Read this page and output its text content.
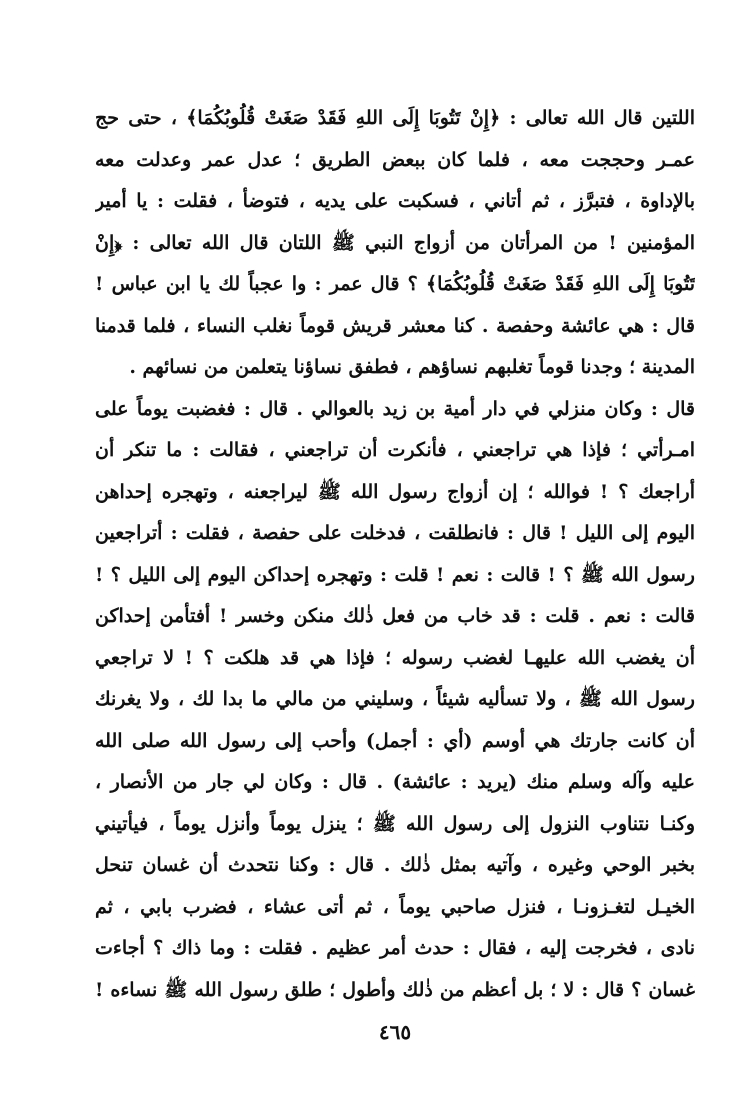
اللتين قال الله تعالى : ﴿إِنْ تَتُوبَا إِلَى اللهِ فَقَدْ صَغَتْ قُلُوبُكُمَا﴾ ، حتى حج
عمـر وحججت معه ، فلما كان ببعض الطريق ؛ عدل عمر وعدلت معه
بالإداوة ، فتبرَّز ، ثم أتاني ، فسكبت على يديه ، فتوضأ ، فقلت : يا أمير
المؤمنين ! من المرأتان من أزواج النبي ﷺ اللتان قال الله تعالى : ﴿إِنْ
تَتُوبَا إِلَى اللهِ فَقَدْ صَغَتْ قُلُوبُكُمَا﴾ ؟ قال عمر : وا عجباً لك يا ابن عباس !
قال : هي عائشة وحفصة . كنا معشر قريش قوماً نغلب النساء ، فلما قدمنا
المدينة ؛ وجدنا قوماً تغلبهم نساؤهم ، فطفق نساؤنا يتعلمن من نسائهم .
قال : وكان منزلي في دار أمية بن زيد بالعوالي . قال : فغضبت يوماً على
امـرأتي ؛ فإذا هي تراجعني ، فأنكرت أن تراجعني ، فقالت : ما تنكر أن
أراجعك ؟ ! فوالله ؛ إن أزواج رسول الله ﷺ ليراجعنه ، وتهجره إحداهن
اليوم إلى الليل ! قال : فانطلقت ، فدخلت على حفصة ، فقلت : أتراجعين
رسول الله ﷺ ؟ ! قالت : نعم ! قلت : وتهجره إحداكن اليوم إلى الليل ؟ !
قالت : نعم . قلت : قد خاب من فعل ذٰلك منكن وخسر ! أفتأمن إحداكن
أن يغضب الله عليهـا لغضب رسوله ؛ فإذا هي قد هلكت ؟ ! لا تراجعي
رسول الله ﷺ ، ولا تسأليه شيئاً ، وسليني من مالي ما بدا لك ، ولا يغرنك
أن كانت جارتك هي أوسم (أي : أجمل) وأحب إلى رسول الله صلى الله
عليه وآله وسلم منك (يريد : عائشة) . قال : وكان لي جار من الأنصار ،
وكنـا نتناوب النزول إلى رسول الله ﷺ ؛ ينزل يوماً وأنزل يوماً ، فيأتيني
بخبر الوحي وغيره ، وآتيه بمثل ذٰلك . قال : وكنا نتحدث أن غسان تنحل
الخيـل لتغـزونـا ، فنزل صاحبي يوماً ، ثم أتى عشاء ، فضرب بابي ، ثم
نادى ، فخرجت إليه ، فقال : حدث أمر عظيم . فقلت : وما ذاك ؟ أجاءت
غسان ؟ قال : لا ؛ بل أعظم من ذٰلك وأطول ؛ طلق رسول الله ﷺ نساءه !
٤٦٥
